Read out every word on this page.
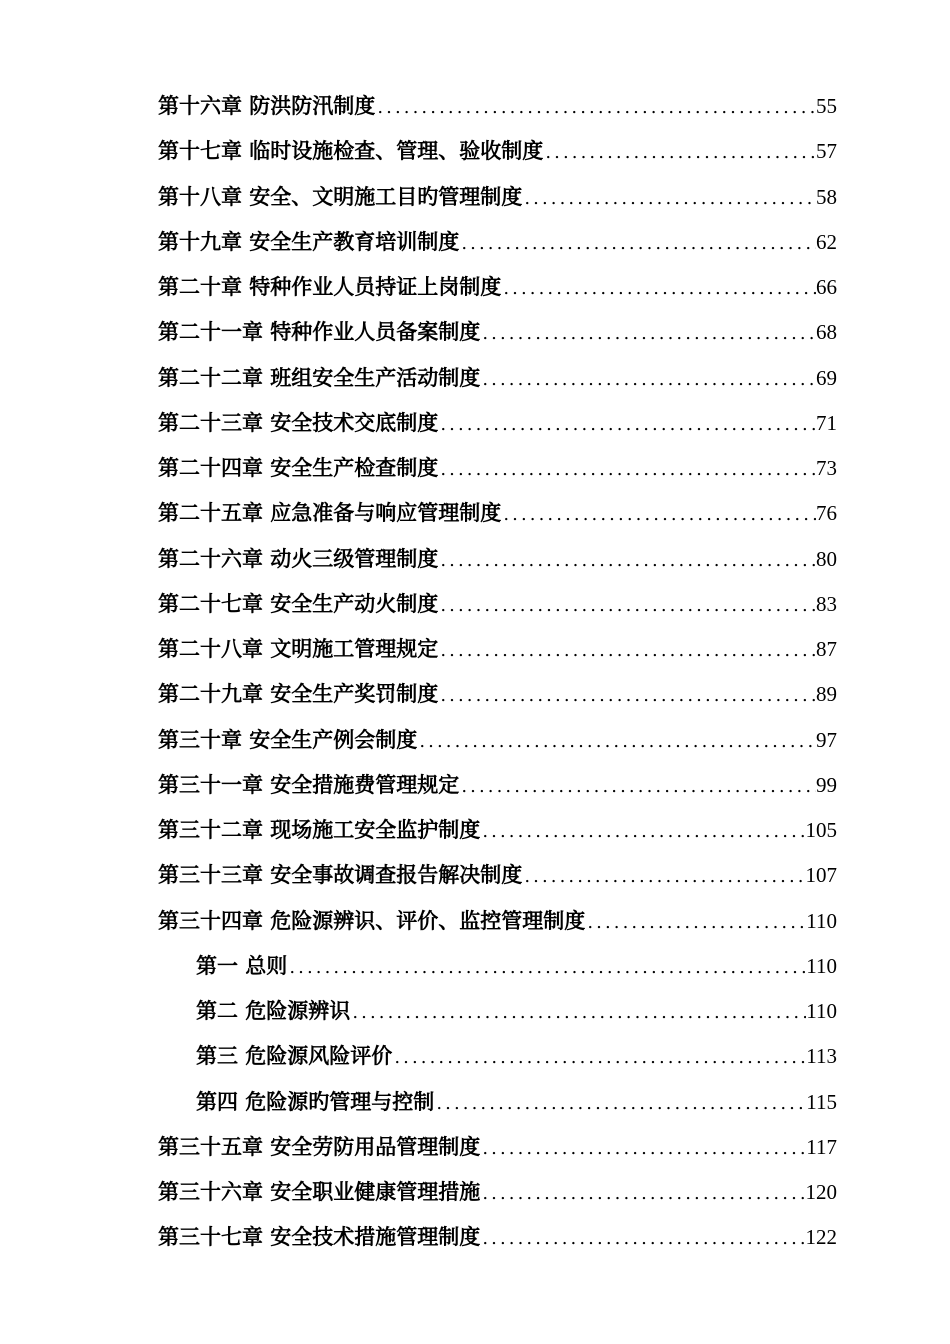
第十六章 防洪防汛制度 .....	55
第十七章 临时设施检查、管理、验收制度 .....	57
第十八章 安全、文明施工目旳管理制度 .....	58
第十九章 安全生产教育培训制度 .....	62
第二十章 特种作业人员持证上岗制度 .....	66
第二十一章 特种作业人员备案制度 .....	68
第二十二章 班组安全生产活动制度 .....	69
第二十三章 安全技术交底制度 .....	71
第二十四章 安全生产检查制度 .....	73
第二十五章 应急准备与响应管理制度 .....	76
第二十六章 动火三级管理制度 .....	80
第二十七章 安全生产动火制度 .....	83
第二十八章 文明施工管理规定 .....	87
第二十九章 安全生产奖罚制度 .....	89
第三十章 安全生产例会制度 .....	97
第三十一章 安全措施费管理规定 .....	99
第三十二章 现场施工安全监护制度 .....	105
第三十三章 安全事故调查报告解决制度 .....	107
第三十四章 危险源辨识、评价、监控管理制度 .....	110
第一 总则 .....	110
第二 危险源辨识 .....	110
第三 危险源风险评价 .....	113
第四 危险源旳管理与控制 .....	115
第三十五章 安全劳防用品管理制度 .....	117
第三十六章 安全职业健康管理措施 .....	120
第三十七章 安全技术措施管理制度 .....	122
